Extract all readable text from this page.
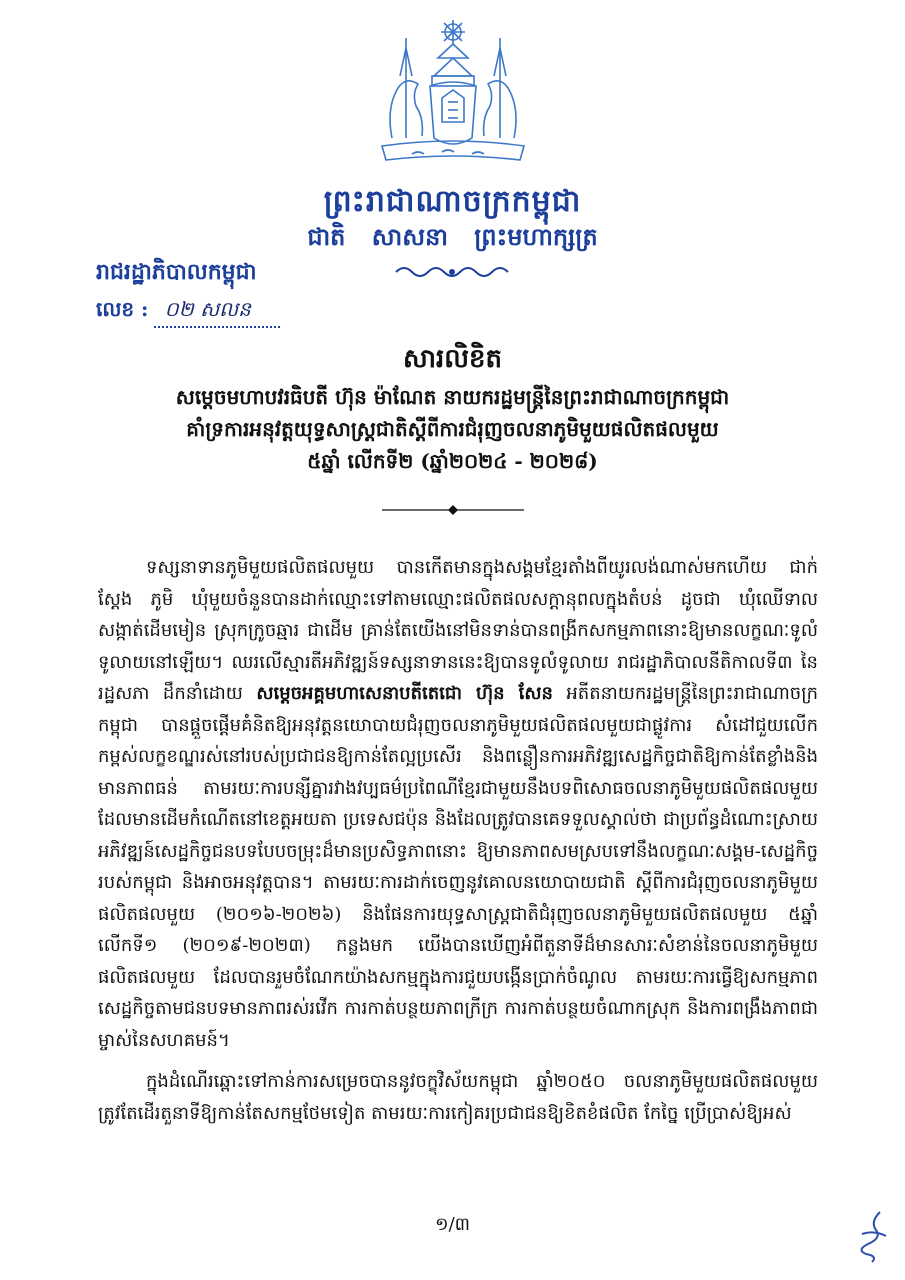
ព្រះរាជាណាចក្រកម្ពុជា
ជាតិ សាសនា ព្រះមហាក្សត្រ
រាជរដ្ឋាភិបាលកម្ពុជា
លេខ : ០២ សលន
សារលិខិត
សម្តេចមហាបវរធិបតី ហ៊ុន ម៉ាណែត នាយករដ្ឋមន្ត្រីនៃព្រះរាជាណាចក្រកម្ពុជា
គាំទ្រការអនុវត្តយុទ្ធសាស្ត្រជាតិស្តីពីការជំរុញចលនាភូមិមួយផលិតផលមួយ
៥ឆ្នាំ លើកទី២ (ឆ្នាំ២០២៤ - ២០២៨)

ទស្សនាទានភូមិមួយផលិតផលមួយ បានកើតមានក្នុងសង្គមខ្មែរតាំងពីយូរលង់ណាស់មកហើយ ជាក់ស្តែង ភូមិ ឃុំមួយចំនួនបានដាក់ឈ្មោះទៅតាមឈ្មោះផលិតផលសក្តានុពលក្នុងតំបន់ ដូចជា ឃុំឈើទាល សង្កាត់ដើមមៀន ស្រុកក្រូចឆ្មារ ជាដើម គ្រាន់តែយើងនៅមិនទាន់បានពង្រីកសកម្មភាពនោះឱ្យមានលក្ខណៈទូលំទូលាយនៅឡើយ។ ឈរលើស្មារតីអភិវឌ្ឍន៍ទស្សនាទាននេះឱ្យបានទូលំទូលាយ រាជរដ្ឋាភិបាលនីតិកាលទី៣ នៃរដ្ឋសភា ដឹកនាំដោយ សម្តេចអគ្គមហាសេនាបតីតេជោ ហ៊ុន សែន អតីតនាយករដ្ឋមន្ត្រីនៃព្រះរាជាណាចក្រកម្ពុជា បានផ្តួចផ្តើមគំនិតឱ្យអនុវត្តនយោបាយជំរុញចលនាភូមិមួយផលិតផលមួយជាផ្លូវការ សំដៅជួយលើកកម្ពស់លក្ខខណ្ឌរស់នៅរបស់ប្រជាជនឱ្យកាន់តែល្អប្រសើរ និងពន្លឿនការអភិវឌ្ឍសេដ្ឋកិច្ចជាតិឱ្យកាន់តែខ្លាំងនិងមានភាពធន់ តាមរយៈការបន្សីគ្នារវាងវប្បធម៌ប្រពៃណីខ្មែរជាមួយនឹងបទពិសោធចលនាភូមិមួយផលិតផលមួយ ដែលមានដើមកំណើតនៅខេត្តអយតា ប្រទេសជប៉ុន និងដែលត្រូវបានគេទទួលស្គាល់ថា ជាប្រព័ន្ធដំណោះស្រាយអភិវឌ្ឍន៍សេដ្ឋកិច្ចជនបទបែបចម្រុះដ៏មានប្រសិទ្ធភាពនោះ ឱ្យមានភាពសមស្របទៅនឹងលក្ខណៈសង្គម-សេដ្ឋកិច្ចរបស់កម្ពុជា និងអាចអនុវត្តបាន។ តាមរយៈការដាក់ចេញនូវគោលនយោបាយជាតិ ស្តីពីការជំរុញចលនាភូមិមួយផលិតផលមួយ (២០១៦-២០២៦) និងផែនការយុទ្ធសាស្ត្រជាតិជំរុញចលនាភូមិមួយផលិតផលមួយ ៥ឆ្នាំ លើកទី១ (២០១៩-២០២៣) កន្លងមក យើងបានឃើញអំពីតួនាទីដ៏មានសារៈសំខាន់នៃចលនាភូមិមួយផលិតផលមួយ ដែលបានរួមចំណែកយ៉ាងសកម្មក្នុងការជួយបង្កើនប្រាក់ចំណូល តាមរយៈការធ្វើឱ្យសកម្មភាពសេដ្ឋកិច្ចតាមជនបទមានភាពរស់រវើក ការកាត់បន្ថយភាពក្រីក្រ ការកាត់បន្ថយចំណាកស្រុក និងការពង្រឹងភាពជាម្ចាស់នៃសហគមន៍។

ក្នុងដំណើរឆ្ពោះទៅកាន់ការសម្រេចបាននូវចក្ខុវិស័យកម្ពុជា ឆ្នាំ២០៥០ ចលនាភូមិមួយផលិតផលមួយ ត្រូវតែដើរតួនាទីឱ្យកាន់តែសកម្មថែមទៀត តាមរយៈការកៀគរប្រជាជនឱ្យខិតខំផលិត កែច្នៃ ប្រើប្រាស់ឱ្យអស់

១/៣
